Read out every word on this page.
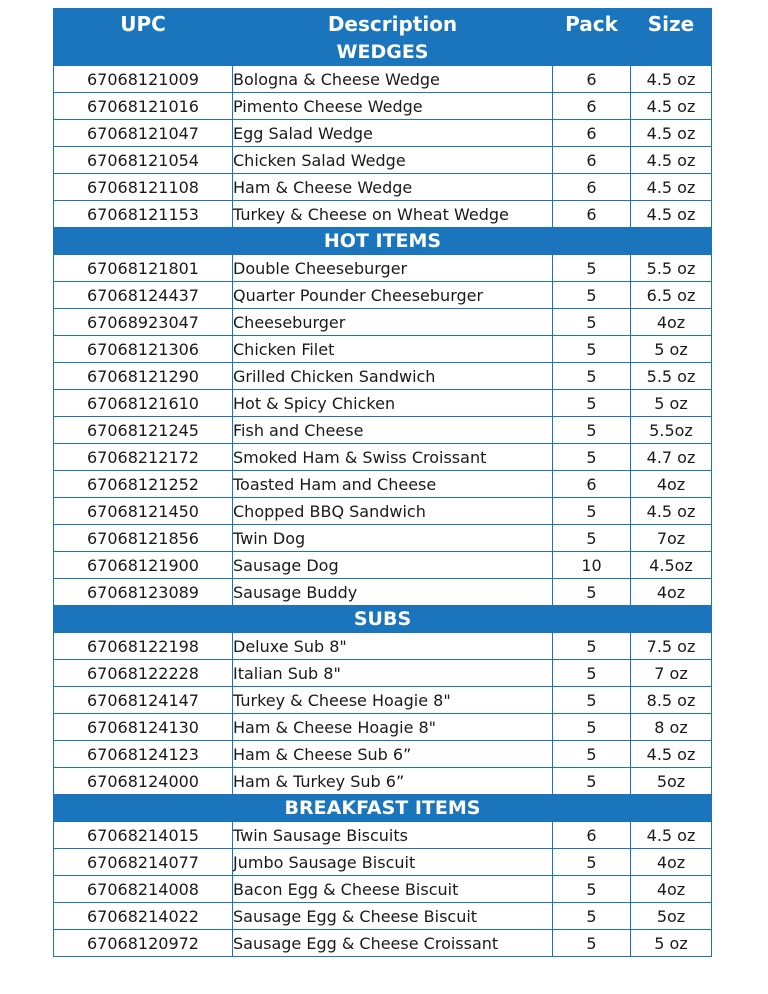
UPC	Description	Pack	Size
WEDGES			
67068121009	Bologna & Cheese Wedge	6	4.5 oz
67068121016	Pimento Cheese Wedge	6	4.5 oz
67068121047	Egg Salad Wedge	6	4.5 oz
67068121054	Chicken Salad Wedge	6	4.5 oz
67068121108	Ham & Cheese Wedge	6	4.5 oz
67068121153	Turkey & Cheese on Wheat Wedge	6	4.5 oz
HOT ITEMS			
67068121801	Double Cheeseburger	5	5.5 oz
67068124437	Quarter Pounder Cheeseburger	5	6.5 oz
67068923047	Cheeseburger	5	4oz
67068121306	Chicken Filet	5	5 oz
67068121290	Grilled Chicken Sandwich	5	5.5 oz
67068121610	Hot & Spicy Chicken	5	5 oz
67068121245	Fish and Cheese	5	5.5oz
67068212172	Smoked Ham & Swiss Croissant	5	4.7 oz
67068121252	Toasted Ham and Cheese	6	4oz
67068121450	Chopped BBQ Sandwich	5	4.5 oz
67068121856	Twin Dog	5	7oz
67068121900	Sausage Dog	10	4.5oz
67068123089	Sausage Buddy	5	4oz
SUBS			
67068122198	Deluxe Sub 8"	5	7.5 oz
67068122228	Italian Sub 8"	5	7 oz
67068124147	Turkey & Cheese Hoagie 8"	5	8.5 oz
67068124130	Ham & Cheese Hoagie 8"	5	8 oz
67068124123	Ham & Cheese Sub 6”	5	4.5 oz
67068124000	Ham & Turkey Sub 6”	5	5oz
BREAKFAST ITEMS			
67068214015	Twin Sausage Biscuits	6	4.5 oz
67068214077	Jumbo Sausage Biscuit	5	4oz
67068214008	Bacon Egg & Cheese Biscuit	5	4oz
67068214022	Sausage Egg & Cheese Biscuit	5	5oz
67068120972	Sausage Egg & Cheese Croissant	5	5 oz
